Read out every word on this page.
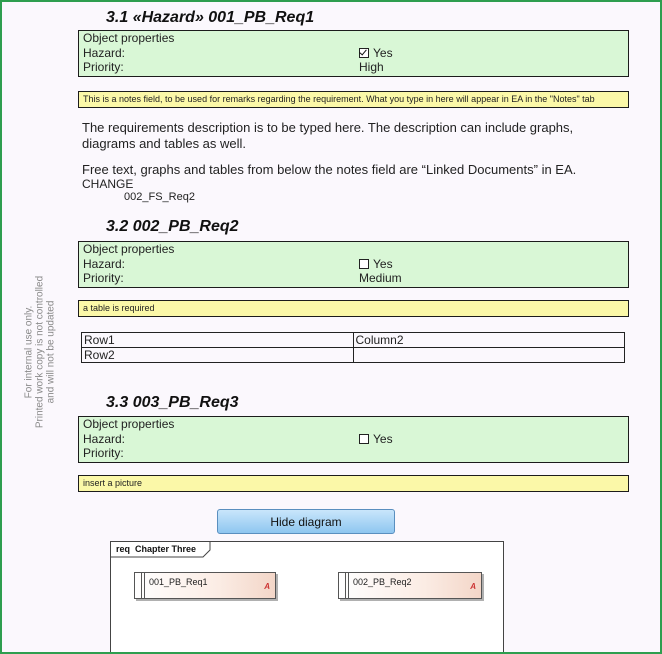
For internal use only. Printed work copy is not controlled and will not be updated
3.1 «Hazard» 001_PB_Req1
Object properties
Hazard:	Yes
Priority:	High
This is a notes field, to be used for remarks regarding the requirement. What you type in here will appear in EA in the "Notes" tab
The requirements description is to be typed here. The description can include graphs, diagrams and tables as well.
Free text, graphs and tables from below the notes field are “Linked Documents” in EA.
CHANGE
002_FS_Req2
3.2 002_PB_Req2
Object properties
Hazard:	Yes
Priority:	Medium
a table is required
Row1	Column2
Row2	
3.3 003_PB_Req3
Object properties
Hazard:	Yes
Priority:
insert a picture
Hide diagram
req Chapter Three
001_PB_Req1	A	002_PB_Req2	A
